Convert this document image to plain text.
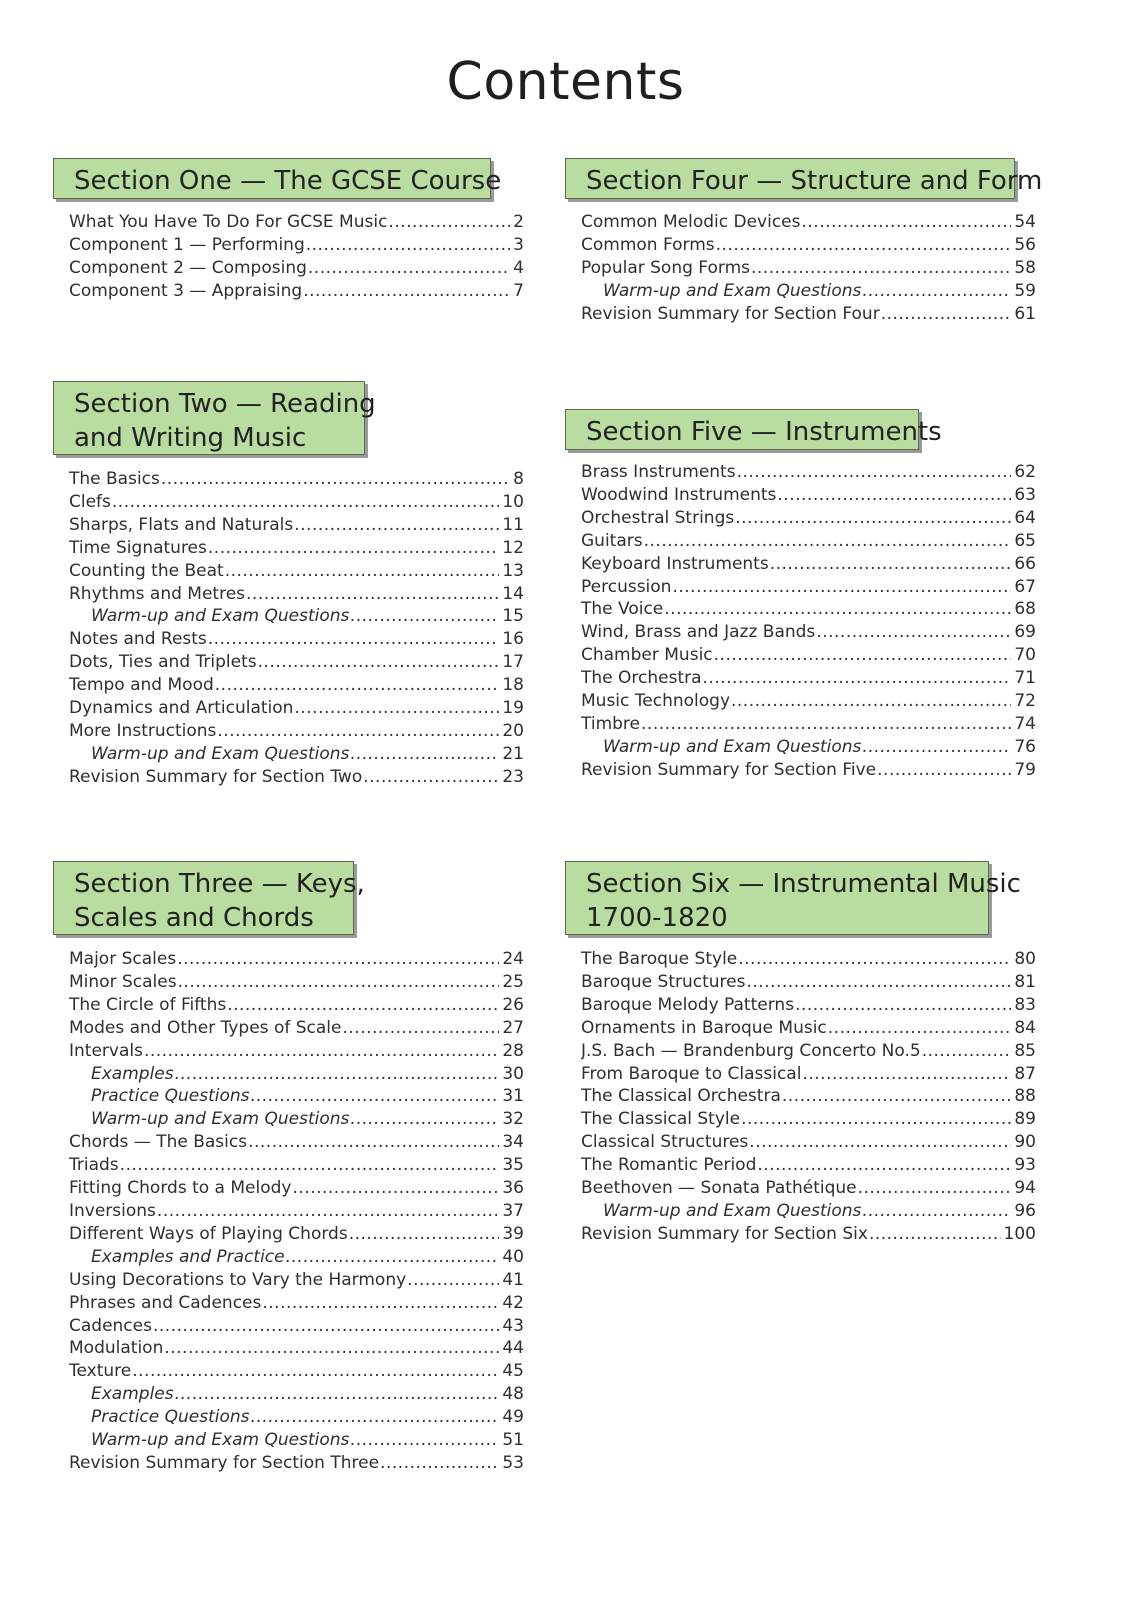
Contents
Section One — The GCSE Course
What You Have To Do For GCSE Music .....	2
Component 1 — Performing .....	3
Component 2 — Composing .....	4
Component 3 — Appraising .....	7
Section Two — Reading
and Writing Music
The Basics .....	8
Clefs .....	10
Sharps, Flats and Naturals .....	11
Time Signatures .....	12
Counting the Beat .....	13
Rhythms and Metres .....	14
Warm-up and Exam Questions .....	15
Notes and Rests .....	16
Dots, Ties and Triplets .....	17
Tempo and Mood .....	18
Dynamics and Articulation .....	19
More Instructions .....	20
Warm-up and Exam Questions .....	21
Revision Summary for Section Two .....	23
Section Three — Keys,
Scales and Chords
Major Scales .....	24
Minor Scales .....	25
The Circle of Fifths .....	26
Modes and Other Types of Scale .....	27
Intervals .....	28
Examples .....	30
Practice Questions .....	31
Warm-up and Exam Questions .....	32
Chords — The Basics .....	34
Triads .....	35
Fitting Chords to a Melody .....	36
Inversions .....	37
Different Ways of Playing Chords .....	39
Examples and Practice .....	40
Using Decorations to Vary the Harmony .....	41
Phrases and Cadences .....	42
Cadences .....	43
Modulation .....	44
Texture .....	45
Examples .....	48
Practice Questions .....	49
Warm-up and Exam Questions .....	51
Revision Summary for Section Three .....	53
Section Four — Structure and Form
Common Melodic Devices .....	54
Common Forms .....	56
Popular Song Forms .....	58
Warm-up and Exam Questions .....	59
Revision Summary for Section Four .....	61
Section Five — Instruments
Brass Instruments .....	62
Woodwind Instruments .....	63
Orchestral Strings .....	64
Guitars .....	65
Keyboard Instruments .....	66
Percussion .....	67
The Voice .....	68
Wind, Brass and Jazz Bands .....	69
Chamber Music .....	70
The Orchestra .....	71
Music Technology .....	72
Timbre .....	74
Warm-up and Exam Questions .....	76
Revision Summary for Section Five .....	79
Section Six — Instrumental Music
1700-1820
The Baroque Style .....	80
Baroque Structures .....	81
Baroque Melody Patterns .....	83
Ornaments in Baroque Music .....	84
J.S. Bach — Brandenburg Concerto No.5 .....	85
From Baroque to Classical .....	87
The Classical Orchestra .....	88
The Classical Style .....	89
Classical Structures .....	90
The Romantic Period .....	93
Beethoven — Sonata Pathétique .....	94
Warm-up and Exam Questions .....	96
Revision Summary for Section Six .....	100
